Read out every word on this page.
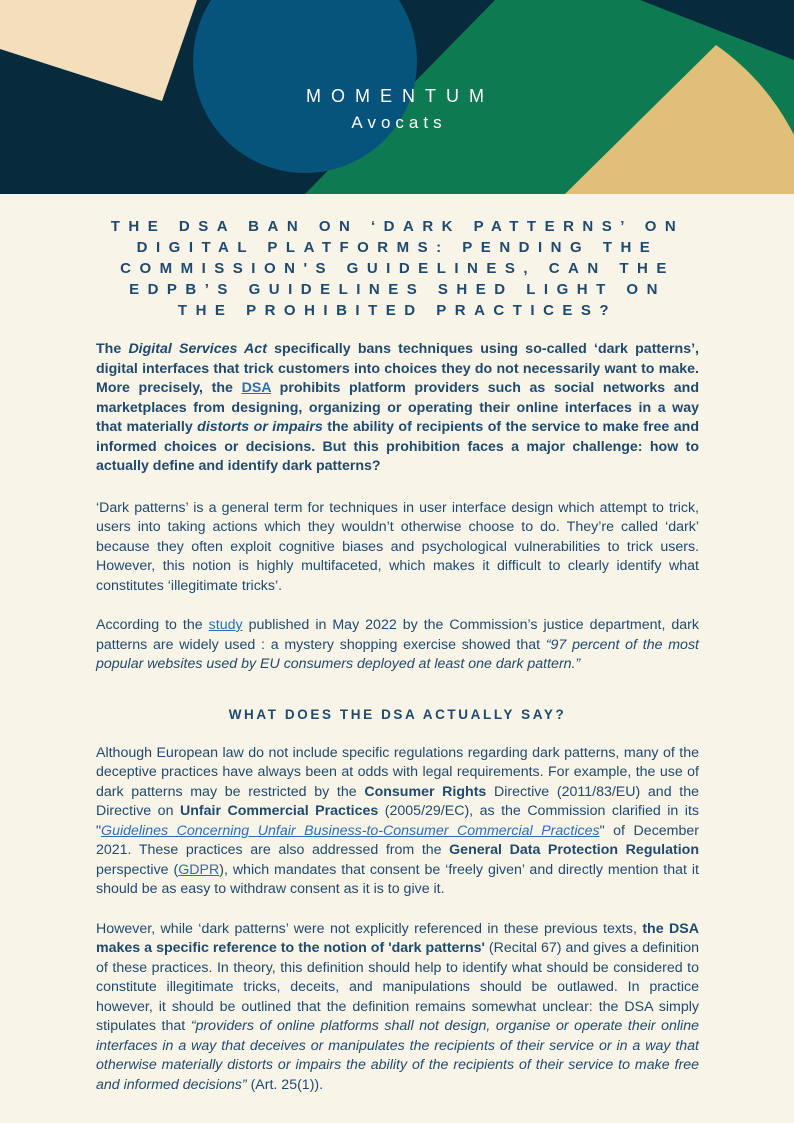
MOMENTUM
Avocats
THE DSA BAN ON ‘DARK PATTERNS’ ON DIGITAL PLATFORMS: PENDING THE COMMISSION'S GUIDELINES, CAN THE EDPB’S GUIDELINES SHED LIGHT ON THE PROHIBITED PRACTICES?

The Digital Services Act specifically bans techniques using so-called ‘dark patterns’, digital interfaces that trick customers into choices they do not necessarily want to make. More precisely, the DSA prohibits platform providers such as social networks and marketplaces from designing, organizing or operating their online interfaces in a way that materially distorts or impairs the ability of recipients of the service to make free and informed choices or decisions. But this prohibition faces a major challenge: how to actually define and identify dark patterns?

‘Dark patterns’ is a general term for techniques in user interface design which attempt to trick, users into taking actions which they wouldn’t otherwise choose to do. They’re called ‘dark’ because they often exploit cognitive biases and psychological vulnerabilities to trick users. However, this notion is highly multifaceted, which makes it difficult to clearly identify what constitutes ‘illegitimate tricks’.

According to the study published in May 2022 by the Commission’s justice department, dark patterns are widely used : a mystery shopping exercise showed that “97 percent of the most popular websites used by EU consumers deployed at least one dark pattern.”

WHAT DOES THE DSA ACTUALLY SAY?

Although European law do not include specific regulations regarding dark patterns, many of the deceptive practices have always been at odds with legal requirements. For example, the use of dark patterns may be restricted by the Consumer Rights Directive (2011/83/EU) and the Directive on Unfair Commercial Practices (2005/29/EC), as the Commission clarified in its "Guidelines Concerning Unfair Business-to-Consumer Commercial Practices" of December 2021. These practices are also addressed from the General Data Protection Regulation perspective (GDPR), which mandates that consent be ‘freely given’ and directly mention that it should be as easy to withdraw consent as it is to give it.

However, while ‘dark patterns’ were not explicitly referenced in these previous texts, the DSA makes a specific reference to the notion of 'dark patterns' (Recital 67) and gives a definition of these practices. In theory, this definition should help to identify what should be considered to constitute illegitimate tricks, deceits, and manipulations should be outlawed. In practice however, it should be outlined that the definition remains somewhat unclear: the DSA simply stipulates that “providers of online platforms shall not design, organise or operate their online interfaces in a way that deceives or manipulates the recipients of their service or in a way that otherwise materially distorts or impairs the ability of the recipients of their service to make free and informed decisions” (Art. 25(1)).
